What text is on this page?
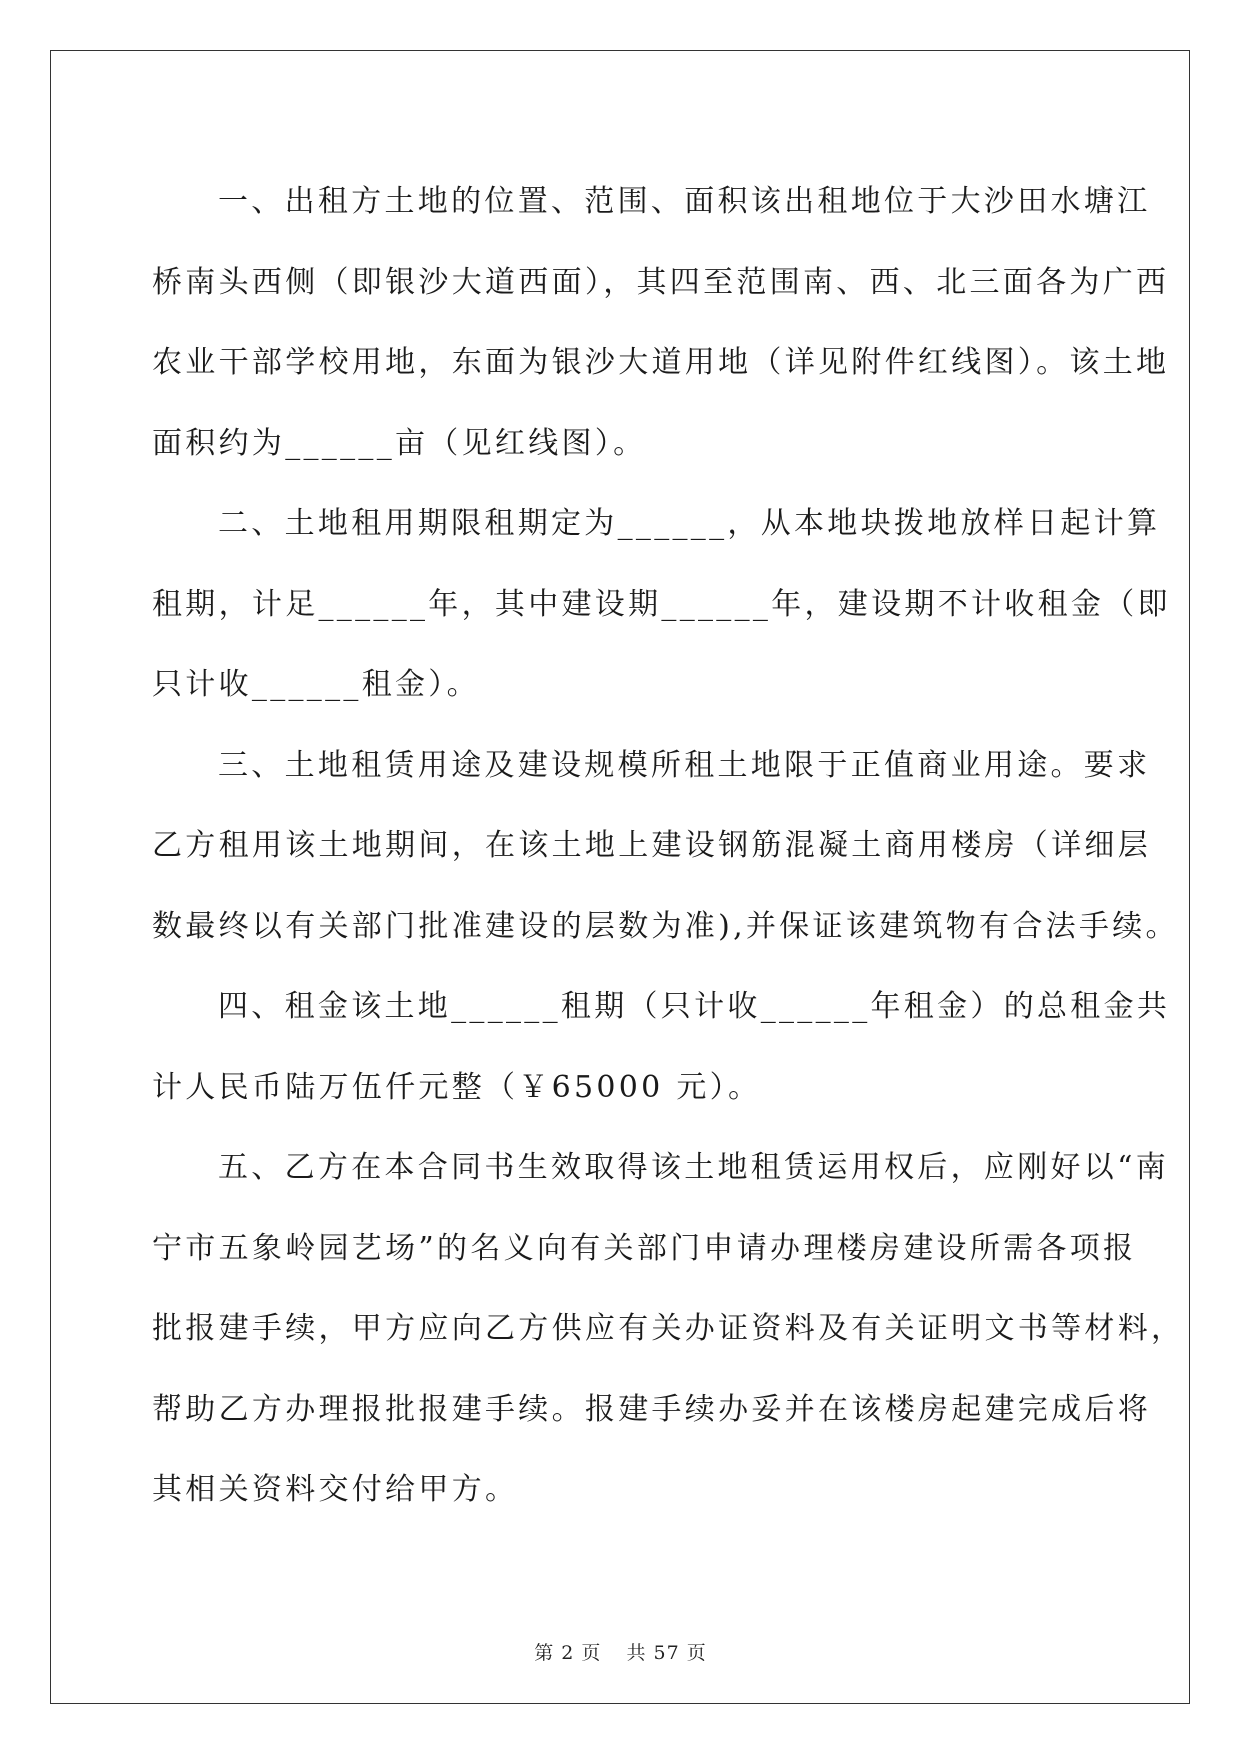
一、出租方土地的位置、范围、面积该出租地位于大沙田水塘江
桥南头西侧（即银沙大道西面），其四至范围南、西、北三面各为广西
农业干部学校用地，东面为银沙大道用地（详见附件红线图）。该土地
面积约为______亩（见红线图）。
二、土地租用期限租期定为______，从本地块拨地放样日起计算
租期，计足______年，其中建设期______年，建设期不计收租金（即
只计收______租金）。
三、土地租赁用途及建设规模所租土地限于正值商业用途。要求
乙方租用该土地期间，在该土地上建设钢筋混凝土商用楼房（详细层
数最终以有关部门批准建设的层数为准),并保证该建筑物有合法手续。
四、租金该土地______租期（只计收______年租金）的总租金共
计人民币陆万伍仟元整（￥65000 元）。
五、乙方在本合同书生效取得该土地租赁运用权后，应刚好以“南
宁市五象岭园艺场”的名义向有关部门申请办理楼房建设所需各项报
批报建手续，甲方应向乙方供应有关办证资料及有关证明文书等材料，
帮助乙方办理报批报建手续。报建手续办妥并在该楼房起建完成后将
其相关资料交付给甲方。
第 2 页 共 57 页
